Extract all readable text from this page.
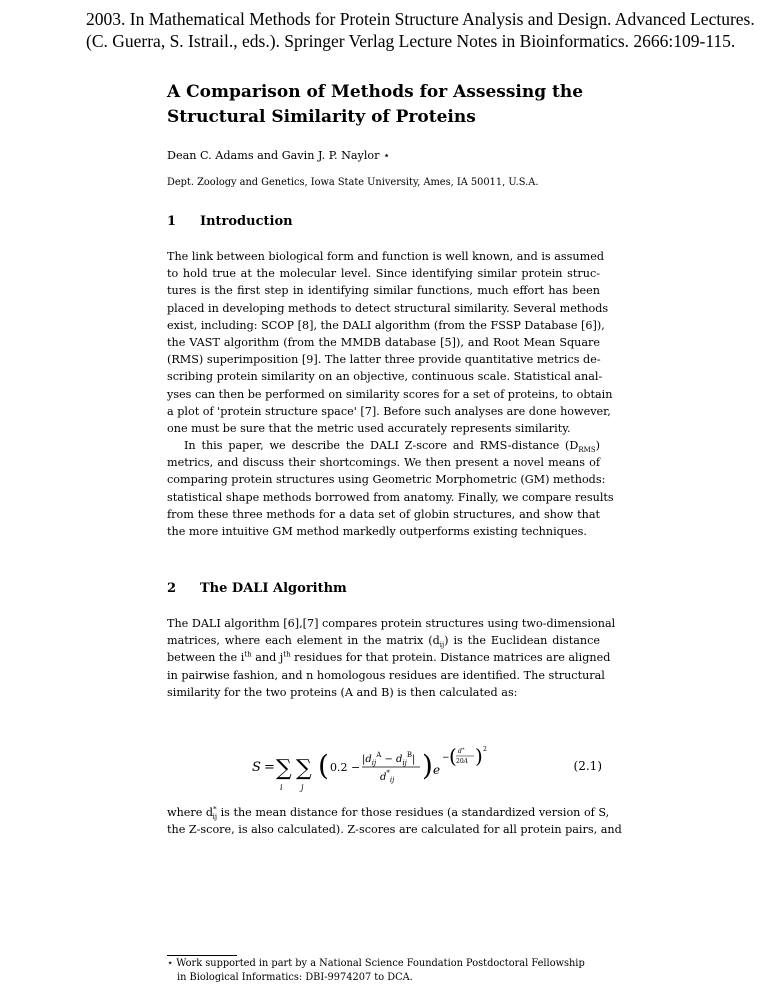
2003. In Mathematical Methods for Protein Structure Analysis and Design. Advanced Lectures.
(C. Guerra, S. Istrail., eds.). Springer Verlag Lecture Notes in Bioinformatics. 2666:109-115.
A Comparison of Methods for Assessing the
Structural Similarity of Proteins
Dean C. Adams and Gavin J. P. Naylor ⋆
Dept. Zoology and Genetics, Iowa State University, Ames, IA 50011, U.S.A.
1 Introduction
The link between biological form and function is well known, and is assumed
to hold true at the molecular level. Since identifying similar protein struc-
tures is the first step in identifying similar functions, much effort has been
placed in developing methods to detect structural similarity. Several methods
exist, including: SCOP [8], the DALI algorithm (from the FSSP Database [6]),
the VAST algorithm (from the MMDB database [5]), and Root Mean Square
(RMS) superimposition [9]. The latter three provide quantitative metrics de-
scribing protein similarity on an objective, continuous scale. Statistical anal-
yses can then be performed on similarity scores for a set of proteins, to obtain
a plot of 'protein structure space' [7]. Before such analyses are done however,
one must be sure that the metric used accurately represents similarity.
In this paper, we describe the DALI Z-score and RMS-distance $(D_{RMS})$
metrics, and discuss their shortcomings. We then present a novel means of
comparing protein structures using Geometric Morphometric (GM) methods:
statistical shape methods borrowed from anatomy. Finally, we compare results
from these three methods for a data set of globin structures, and show that
the more intuitive GM method markedly outperforms existing techniques.
2 The DALI Algorithm
The DALI algorithm [6],[7] compares protein structures using two-dimensional
matrices, where each element in the matrix $(d_{ij})$ is the Euclidean distance
between the $i^{th}$ and $j^{th}$ residues for that protein. Distance matrices are aligned
in pairwise fashion, and n homologous residues are identified. The structural
similarity for the two proteins (A and B) is then calculated as:
S = ∑
i
∑
j
( 0.2 −
$|d_{ij}^A - d_{ij}^B|$
$d^*_{ij}$ ) e
− ( d *
20A ) 2
(2.1)
where $d^*_{ij}$ is the mean distance for those residues (a standardized version of S,
the Z-score, is also calculated). Z-scores are calculated for all protein pairs, and
⋆ Work supported in part by a National Science Foundation Postdoctoral Fellowship
in Biological Informatics: DBI-9974207 to DCA.
